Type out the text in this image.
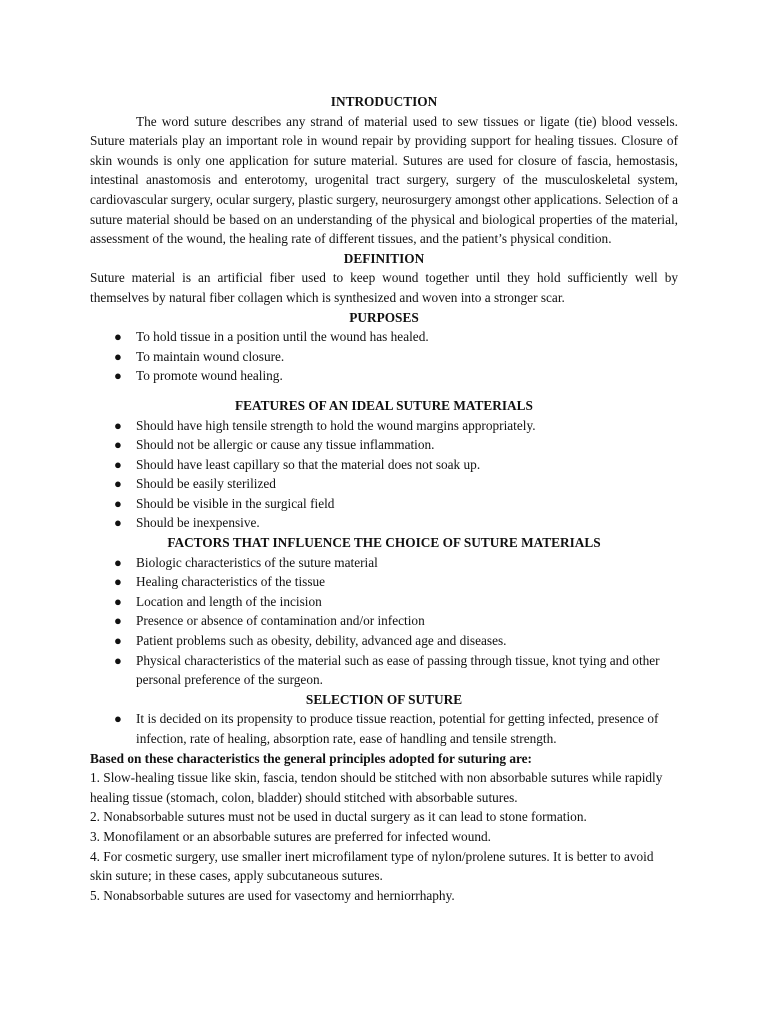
INTRODUCTION

The word suture describes any strand of material used to sew tissues or ligate (tie) blood vessels. Suture materials play an important role in wound repair by providing support for healing tissues. Closure of skin wounds is only one application for suture material. Sutures are used for closure of fascia, hemostasis, intestinal anastomosis and enterotomy, urogenital tract surgery, surgery of the musculoskeletal system, cardiovascular surgery, ocular surgery, plastic surgery, neurosurgery amongst other applications. Selection of a suture material should be based on an understanding of the physical and biological properties of the material, assessment of the wound, the healing rate of different tissues, and the patient’s physical condition.

DEFINITION

Suture material is an artificial fiber used to keep wound together until they hold sufficiently well by themselves by natural fiber collagen which is synthesized and woven into a stronger scar.

PURPOSES

● To hold tissue in a position until the wound has healed.
● To maintain wound closure.
● To promote wound healing.

FEATURES OF AN IDEAL SUTURE MATERIALS

● Should have high tensile strength to hold the wound margins appropriately.
● Should not be allergic or cause any tissue inflammation.
● Should have least capillary so that the material does not soak up.
● Should be easily sterilized
● Should be visible in the surgical field
● Should be inexpensive.

FACTORS THAT INFLUENCE THE CHOICE OF SUTURE MATERIALS

● Biologic characteristics of the suture material
● Healing characteristics of the tissue
● Location and length of the incision
● Presence or absence of contamination and/or infection
● Patient problems such as obesity, debility, advanced age and diseases.
● Physical characteristics of the material such as ease of passing through tissue, knot tying and other personal preference of the surgeon.

SELECTION OF SUTURE

● It is decided on its propensity to produce tissue reaction, potential for getting infected, presence of infection, rate of healing, absorption rate, ease of handling and tensile strength.

Based on these characteristics the general principles adopted for suturing are:

1. Slow-healing tissue like skin, fascia, tendon should be stitched with non absorbable sutures while rapidly healing tissue (stomach, colon, bladder) should stitched with absorbable sutures.

2. Nonabsorbable sutures must not be used in ductal surgery as it can lead to stone formation.

3. Monofilament or an absorbable sutures are preferred for infected wound.

4. For cosmetic surgery, use smaller inert microfilament type of nylon/prolene sutures. It is better to avoid skin suture; in these cases, apply subcutaneous sutures.

5. Nonabsorbable sutures are used for vasectomy and herniorrhaphy.
